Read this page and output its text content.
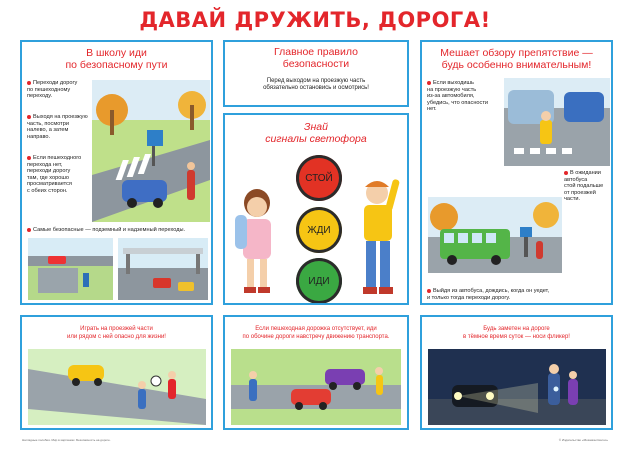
ДАВАЙ ДРУЖИТЬ, ДОРОГА!
В школу иди
по безопасному пути
Переходи дорогу
по пешеходному
переходу.
Выходя на проезжую
часть, посмотри
налево, а затем
направо.
Если пешеходного
перехода нет,
переходи дорогу
там, где хорошо
просматривается
с обеих сторон.
Самые безопасные — подземный и надземный переходы.
Главное правило
безопасности
Перед выходом на проезжую часть
обязательно остановись и осмотрись!
Знай
сигналы светофора
СТОЙ
ЖДИ
ИДИ
Мешает обзору препятствие —
будь особенно внимательным!
Если выходишь
на проезжую часть
из-за автомобиля,
убедись, что опасности
нет.
В ожидании
автобуса
стой подальше
от проезжей
части.
Выйдя из автобуса, дождись, когда он уедет,
и только тогда переходи дорогу.
Играть на проезжей части
или рядом с ней опасно для жизни!
Если пешеходная дорожка отсутствует, иди
по обочине дороги навстречу движению транспорта.
Будь заметен на дороге
в тёмное время суток — носи фликер!
Наглядные пособия. Мир в картинках. Безопасность на дороге.	© Издательство «Мозаика-Синтез»
